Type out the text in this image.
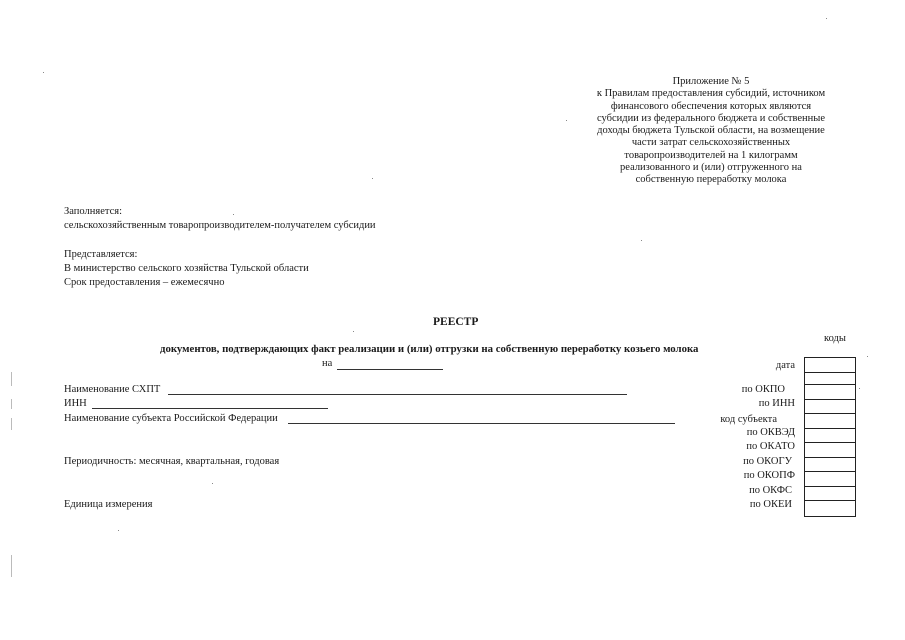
Приложение № 5
к Правилам предоставления субсидий, источником
финансового обеспечения которых являются
субсидии из федерального бюджета и собственные
доходы бюджета Тульской области, на возмещение
части затрат сельскохозяйственных
товаропроизводителей на 1 килограмм
реализованного и (или) отгруженного на
собственную переработку молока
Заполняется:
сельскохозяйственным товаропроизводителем-получателем субсидии
Представляется:
В министерство сельского хозяйства Тульской области
Срок предоставления – ежемесячно
РЕЕСТР
документов, подтверждающих факт реализации и (или) отгрузки на собственную переработку козьего молока
на
коды
дата
по ОКПО
по ИНН
код субъекта
по ОКВЭД
по ОКАТО
по ОКОГУ
по ОКОПФ
по ОКФС
по ОКЕИ
Наименование СХПТ
ИНН
Наименование субъекта Российской Федерации
Периодичность: месячная, квартальная, годовая
Единица измерения
